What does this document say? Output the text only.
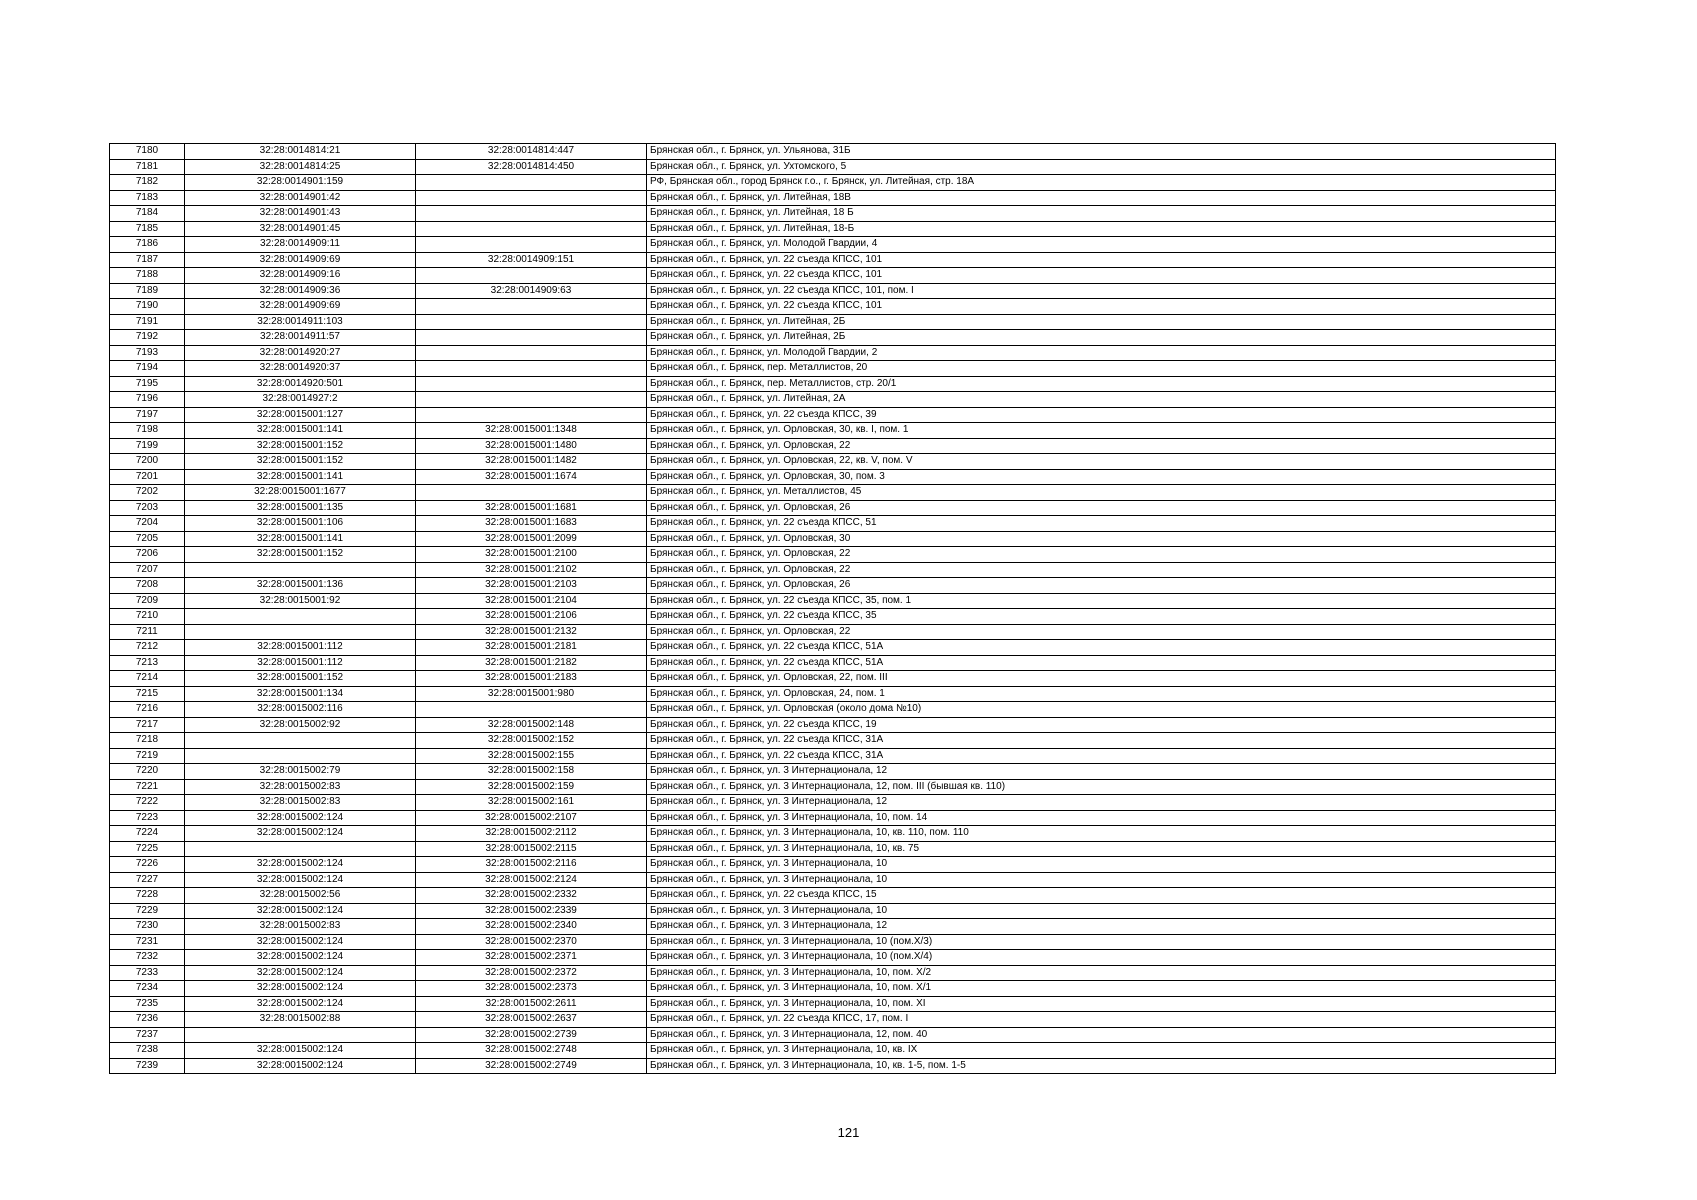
7180	32:28:0014814:21	32:28:0014814:447	Брянская обл., г. Брянск, ул. Ульянова, 31Б
7181	32:28:0014814:25	32:28:0014814:450	Брянская обл., г. Брянск, ул. Ухтомского, 5
7182	32:28:0014901:159		РФ, Брянская обл., город Брянск г.о., г. Брянск, ул. Литейная, стр. 18А
7183	32:28:0014901:42		Брянская обл., г. Брянск, ул. Литейная, 18В
7184	32:28:0014901:43		Брянская обл., г. Брянск, ул. Литейная, 18 Б
7185	32:28:0014901:45		Брянская обл., г. Брянск, ул. Литейная, 18-Б
7186	32:28:0014909:11		Брянская обл., г. Брянск, ул. Молодой Гвардии, 4
7187	32:28:0014909:69	32:28:0014909:151	Брянская обл., г. Брянск, ул. 22 съезда КПСС, 101
7188	32:28:0014909:16		Брянская обл., г. Брянск, ул. 22 съезда КПСС, 101
7189	32:28:0014909:36	32:28:0014909:63	Брянская обл., г. Брянск, ул. 22 съезда КПСС, 101, пом. I
7190	32:28:0014909:69		Брянская обл., г. Брянск, ул. 22 съезда КПСС, 101
7191	32:28:0014911:103		Брянская обл., г. Брянск, ул. Литейная, 2Б
7192	32:28:0014911:57		Брянская обл., г. Брянск, ул. Литейная, 2Б
7193	32:28:0014920:27		Брянская обл., г. Брянск, ул. Молодой Гвардии, 2
7194	32:28:0014920:37		Брянская обл., г. Брянск, пер. Металлистов, 20
7195	32:28:0014920:501		Брянская обл., г. Брянск, пер. Металлистов, стр. 20/1
7196	32:28:0014927:2		Брянская обл., г. Брянск, ул. Литейная, 2А
7197	32:28:0015001:127		Брянская обл., г. Брянск, ул. 22 съезда КПСС, 39
7198	32:28:0015001:141	32:28:0015001:1348	Брянская обл., г. Брянск, ул. Орловская, 30, кв. I, пом. 1
7199	32:28:0015001:152	32:28:0015001:1480	Брянская обл., г. Брянск, ул. Орловская, 22
7200	32:28:0015001:152	32:28:0015001:1482	Брянская обл., г. Брянск, ул. Орловская, 22, кв. V, пом. V
7201	32:28:0015001:141	32:28:0015001:1674	Брянская обл., г. Брянск, ул. Орловская, 30, пом. 3
7202	32:28:0015001:1677		Брянская обл., г. Брянск, ул. Металлистов, 45
7203	32:28:0015001:135	32:28:0015001:1681	Брянская обл., г. Брянск, ул. Орловская, 26
7204	32:28:0015001:106	32:28:0015001:1683	Брянская обл., г. Брянск, ул. 22 съезда КПСС, 51
7205	32:28:0015001:141	32:28:0015001:2099	Брянская обл., г. Брянск, ул. Орловская, 30
7206	32:28:0015001:152	32:28:0015001:2100	Брянская обл., г. Брянск, ул. Орловская, 22
7207		32:28:0015001:2102	Брянская обл., г. Брянск, ул. Орловская, 22
7208	32:28:0015001:136	32:28:0015001:2103	Брянская обл., г. Брянск, ул. Орловская, 26
7209	32:28:0015001:92	32:28:0015001:2104	Брянская обл., г. Брянск, ул. 22 съезда КПСС, 35, пом. 1
7210		32:28:0015001:2106	Брянская обл., г. Брянск, ул. 22 съезда КПСС, 35
7211		32:28:0015001:2132	Брянская обл., г. Брянск, ул. Орловская, 22
7212	32:28:0015001:112	32:28:0015001:2181	Брянская обл., г. Брянск, ул. 22 съезда КПСС, 51А
7213	32:28:0015001:112	32:28:0015001:2182	Брянская обл., г. Брянск, ул. 22 съезда КПСС, 51А
7214	32:28:0015001:152	32:28:0015001:2183	Брянская обл., г. Брянск, ул. Орловская, 22, пом. III
7215	32:28:0015001:134	32:28:0015001:980	Брянская обл., г. Брянск, ул. Орловская, 24, пом. 1
7216	32:28:0015002:116		Брянская обл., г. Брянск, ул. Орловская (около дома №10)
7217	32:28:0015002:92	32:28:0015002:148	Брянская обл., г. Брянск, ул. 22 съезда КПСС, 19
7218		32:28:0015002:152	Брянская обл., г. Брянск, ул. 22 съезда КПСС, 31А
7219		32:28:0015002:155	Брянская обл., г. Брянск, ул. 22 съезда КПСС, 31А
7220	32:28:0015002:79	32:28:0015002:158	Брянская обл., г. Брянск, ул. 3 Интернационала, 12
7221	32:28:0015002:83	32:28:0015002:159	Брянская обл., г. Брянск, ул. 3 Интернационала, 12, пом. III (бывшая кв. 110)
7222	32:28:0015002:83	32:28:0015002:161	Брянская обл., г. Брянск, ул. 3 Интернационала, 12
7223	32:28:0015002:124	32:28:0015002:2107	Брянская обл., г. Брянск, ул. 3 Интернационала, 10, пом. 14
7224	32:28:0015002:124	32:28:0015002:2112	Брянская обл., г. Брянск, ул. 3 Интернационала, 10, кв. 110, пом. 110
7225		32:28:0015002:2115	Брянская обл., г. Брянск, ул. 3 Интернационала, 10, кв. 75
7226	32:28:0015002:124	32:28:0015002:2116	Брянская обл., г. Брянск, ул. 3 Интернационала, 10
7227	32:28:0015002:124	32:28:0015002:2124	Брянская обл., г. Брянск, ул. 3 Интернационала, 10
7228	32:28:0015002:56	32:28:0015002:2332	Брянская обл., г. Брянск, ул. 22 съезда КПСС, 15
7229	32:28:0015002:124	32:28:0015002:2339	Брянская обл., г. Брянск, ул. 3 Интернационала, 10
7230	32:28:0015002:83	32:28:0015002:2340	Брянская обл., г. Брянск, ул. 3 Интернационала, 12
7231	32:28:0015002:124	32:28:0015002:2370	Брянская обл., г. Брянск, ул. 3 Интернационала, 10 (пом.Х/3)
7232	32:28:0015002:124	32:28:0015002:2371	Брянская обл., г. Брянск, ул. 3 Интернационала, 10 (пом.Х/4)
7233	32:28:0015002:124	32:28:0015002:2372	Брянская обл., г. Брянск, ул. 3 Интернационала, 10, пом. Х/2
7234	32:28:0015002:124	32:28:0015002:2373	Брянская обл., г. Брянск, ул. 3 Интернационала, 10, пом. Х/1
7235	32:28:0015002:124	32:28:0015002:2611	Брянская обл., г. Брянск, ул. 3 Интернационала, 10, пом. XI
7236	32:28:0015002:88	32:28:0015002:2637	Брянская обл., г. Брянск, ул. 22 съезда КПСС, 17, пом. I
7237		32:28:0015002:2739	Брянская обл., г. Брянск, ул. 3 Интернационала, 12, пом. 40
7238	32:28:0015002:124	32:28:0015002:2748	Брянская обл., г. Брянск, ул. 3 Интернационала, 10, кв. IX
7239	32:28:0015002:124	32:28:0015002:2749	Брянская обл., г. Брянск, ул. 3 Интернационала, 10, кв. 1-5, пом. 1-5
121
